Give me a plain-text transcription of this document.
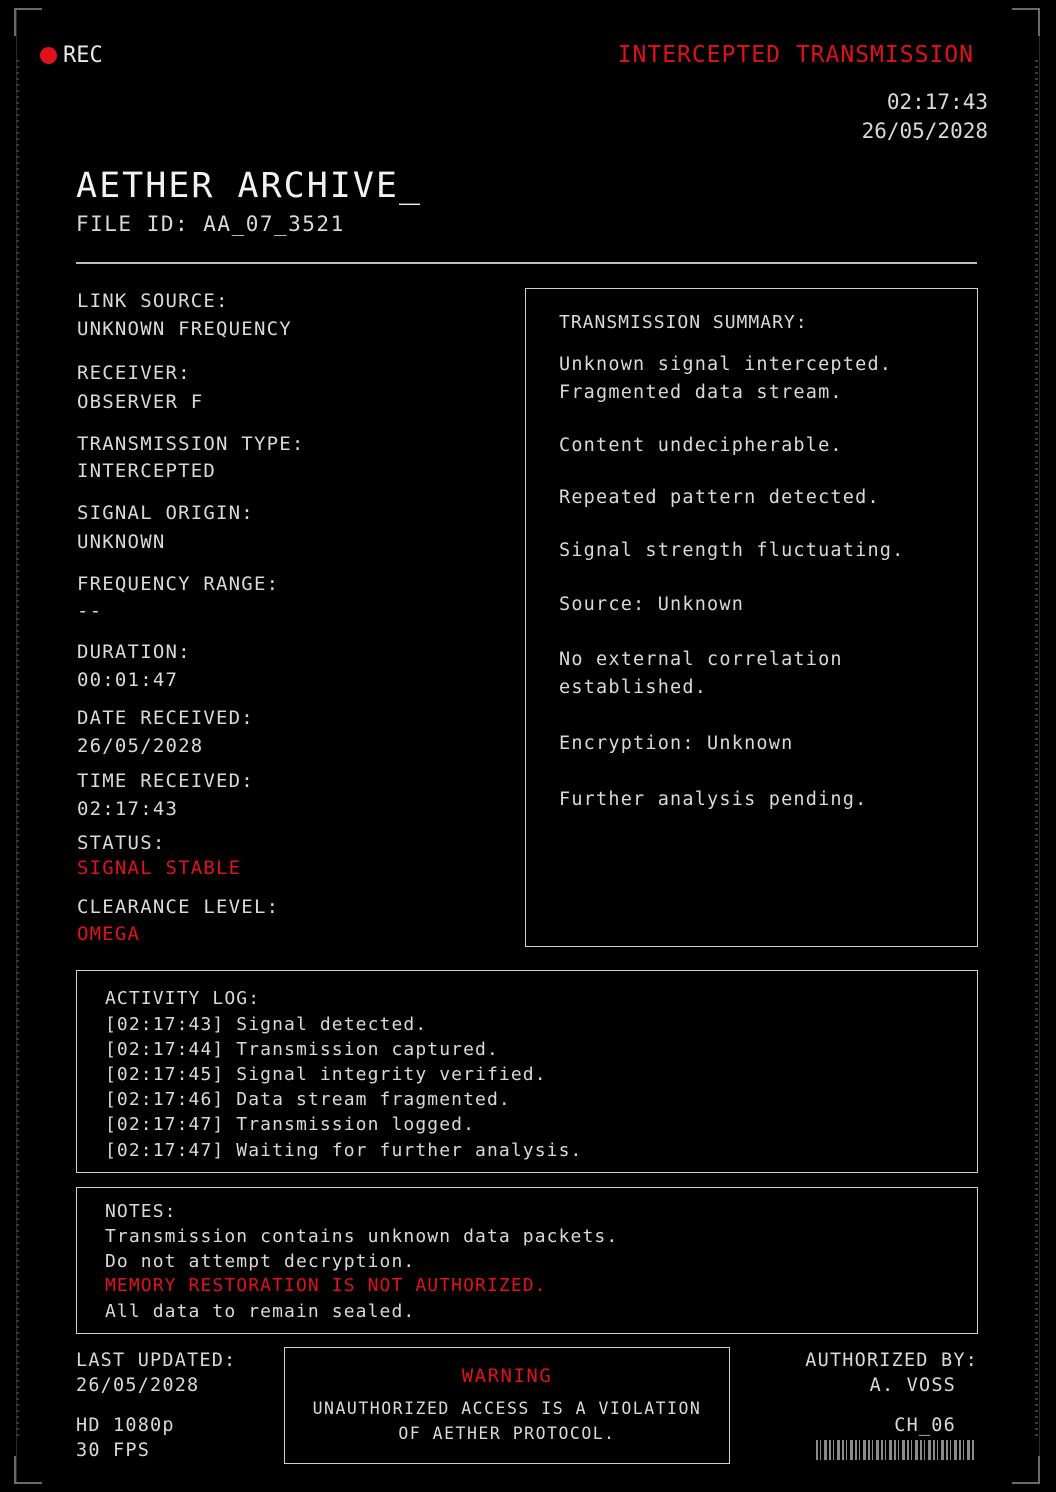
REC	INTERCEPTED TRANSMISSION
02:17:43
26/05/2028
AETHER ARCHIVE_
FILE ID: AA_07_3521
LINK SOURCE:
UNKNOWN FREQUENCY
RECEIVER:
OBSERVER F
TRANSMISSION TYPE:
INTERCEPTED
SIGNAL ORIGIN:
UNKNOWN
FREQUENCY RANGE:
--
DURATION:
00:01:47
DATE RECEIVED:
26/05/2028
TIME RECEIVED:
02:17:43
STATUS:
SIGNAL STABLE
CLEARANCE LEVEL:
OMEGA
TRANSMISSION SUMMARY:
Unknown signal intercepted.
Fragmented data stream.
Content undecipherable.
Repeated pattern detected.
Signal strength fluctuating.
Source: Unknown
No external correlation
established.
Encryption: Unknown
Further analysis pending.
ACTIVITY LOG:
[02:17:43] Signal detected.
[02:17:44] Transmission captured.
[02:17:45] Signal integrity verified.
[02:17:46] Data stream fragmented.
[02:17:47] Transmission logged.
[02:17:47] Waiting for further analysis.
NOTES:
Transmission contains unknown data packets.
Do not attempt decryption.
MEMORY RESTORATION IS NOT AUTHORIZED.
All data to remain sealed.
LAST UPDATED:
26/05/2028
HD 1080p
30 FPS
WARNING
UNAUTHORIZED ACCESS IS A VIOLATION
OF AETHER PROTOCOL.
AUTHORIZED BY:
A. VOSS
CH_06
